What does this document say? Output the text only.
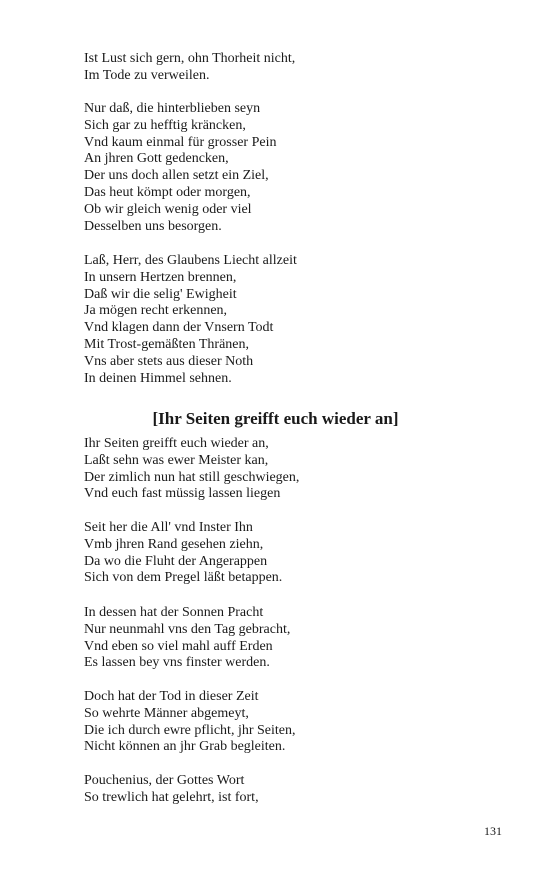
Ist Lust sich gern, ohn Thorheit nicht,
Im Tode zu verweilen.
Nur daß, die hinterblieben seyn
Sich gar zu hefftig kräncken,
Vnd kaum einmal für grosser Pein
An jhren Gott gedencken,
Der uns doch allen setzt ein Ziel,
Das heut kömpt oder morgen,
Ob wir gleich wenig oder viel
Desselben uns besorgen.
Laß, Herr, des Glaubens Liecht allzeit
In unsern Hertzen brennen,
Daß wir die selig' Ewigheit
Ja mögen recht erkennen,
Vnd klagen dann der Vnsern Todt
Mit Trost-gemäßten Thränen,
Vns aber stets aus dieser Noth
In deinen Himmel sehnen.
[Ihr Seiten greifft euch wieder an]
Ihr Seiten greifft euch wieder an,
Laßt sehn was ewer Meister kan,
Der zimlich nun hat still geschwiegen,
Vnd euch fast müssig lassen liegen
Seit her die All' vnd Inster Ihn
Vmb jhren Rand gesehen ziehn,
Da wo die Fluht der Angerappen
Sich von dem Pregel läßt betappen.
In dessen hat der Sonnen Pracht
Nur neunmahl vns den Tag gebracht,
Vnd eben so viel mahl auff Erden
Es lassen bey vns finster werden.
Doch hat der Tod in dieser Zeit
So wehrte Männer abgemeyt,
Die ich durch ewre pflicht, jhr Seiten,
Nicht können an jhr Grab begleiten.
Pouchenius, der Gottes Wort
So trewlich hat gelehrt, ist fort,
131
